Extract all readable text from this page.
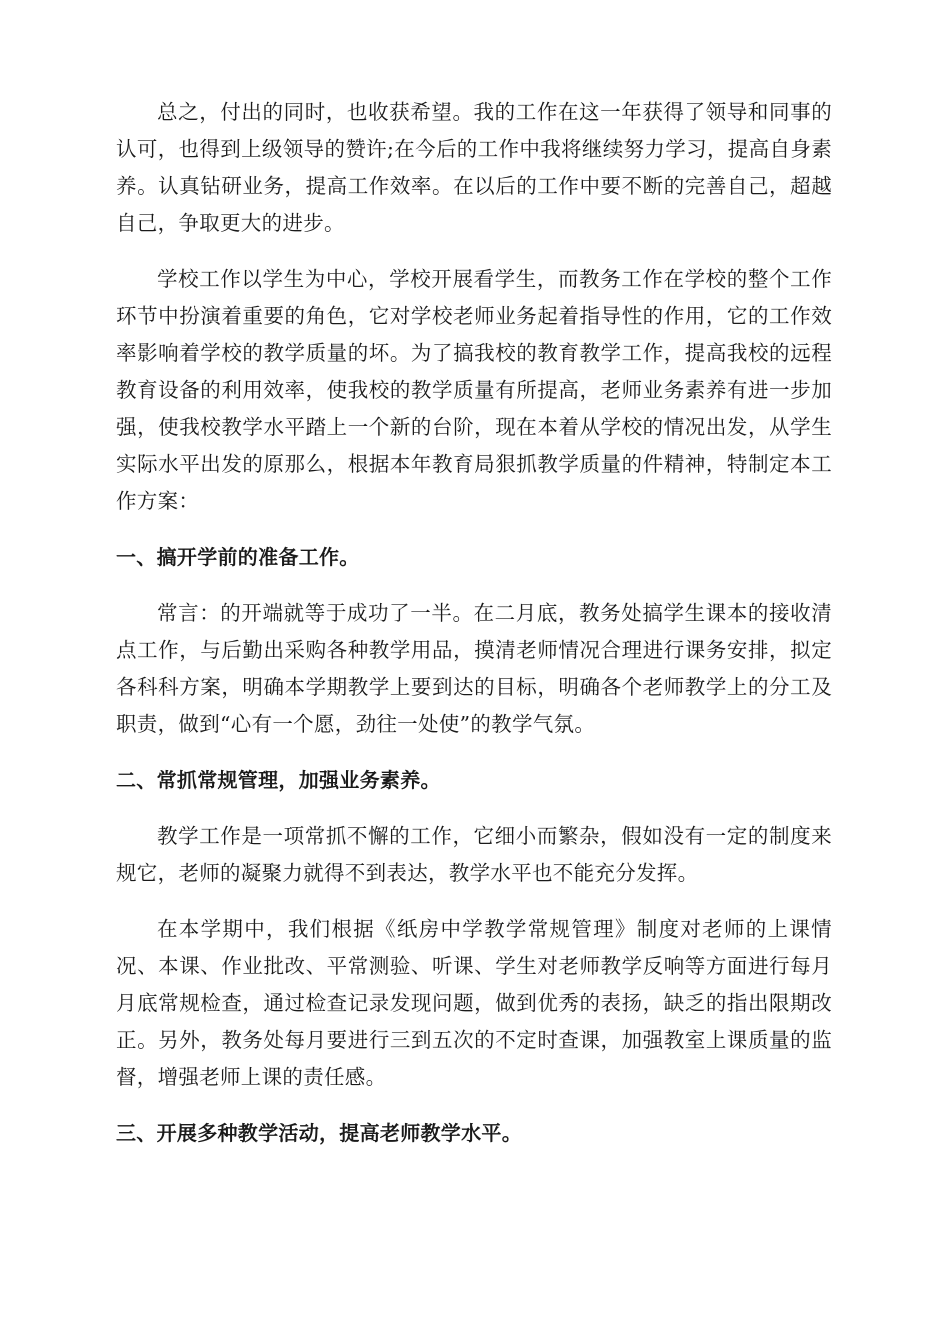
总之，付出的同时，也收获希望。我的工作在这一年获得了领导和同事的认可，也得到上级领导的赞许;在今后的工作中我将继续努力学习，提高自身素养。认真钻研业务，提高工作效率。在以后的工作中要不断的完善自己，超越自己，争取更大的进步。

学校工作以学生为中心，学校开展看学生，而教务工作在学校的整个工作环节中扮演着重要的角色，它对学校老师业务起着指导性的作用，它的工作效率影响着学校的教学质量的坏。为了搞我校的教育教学工作，提高我校的远程教育设备的利用效率，使我校的教学质量有所提高，老师业务素养有进一步加强，使我校教学水平踏上一个新的台阶，现在本着从学校的情况出发，从学生实际水平出发的原那么，根据本年教育局狠抓教学质量的件精神，特制定本工作方案：

一、搞开学前的准备工作。

常言：的开端就等于成功了一半。在二月底，教务处搞学生课本的接收清点工作，与后勤出采购各种教学用品，摸清老师情况合理进行课务安排，拟定各科科方案，明确本学期教学上要到达的目标，明确各个老师教学上的分工及职责，做到“心有一个愿，劲往一处使”的教学气氛。

二、常抓常规管理，加强业务素养。

教学工作是一项常抓不懈的工作，它细小而繁杂，假如没有一定的制度来规它，老师的凝聚力就得不到表达，教学水平也不能充分发挥。

在本学期中，我们根据《纸房中学教学常规管理》制度对老师的上课情况、本课、作业批改、平常测验、听课、学生对老师教学反响等方面进行每月月底常规检查，通过检查记录发现问题，做到优秀的表扬，缺乏的指出限期改正。另外，教务处每月要进行三到五次的不定时查课，加强教室上课质量的监督，增强老师上课的责任感。

三、开展多种教学活动，提高老师教学水平。
